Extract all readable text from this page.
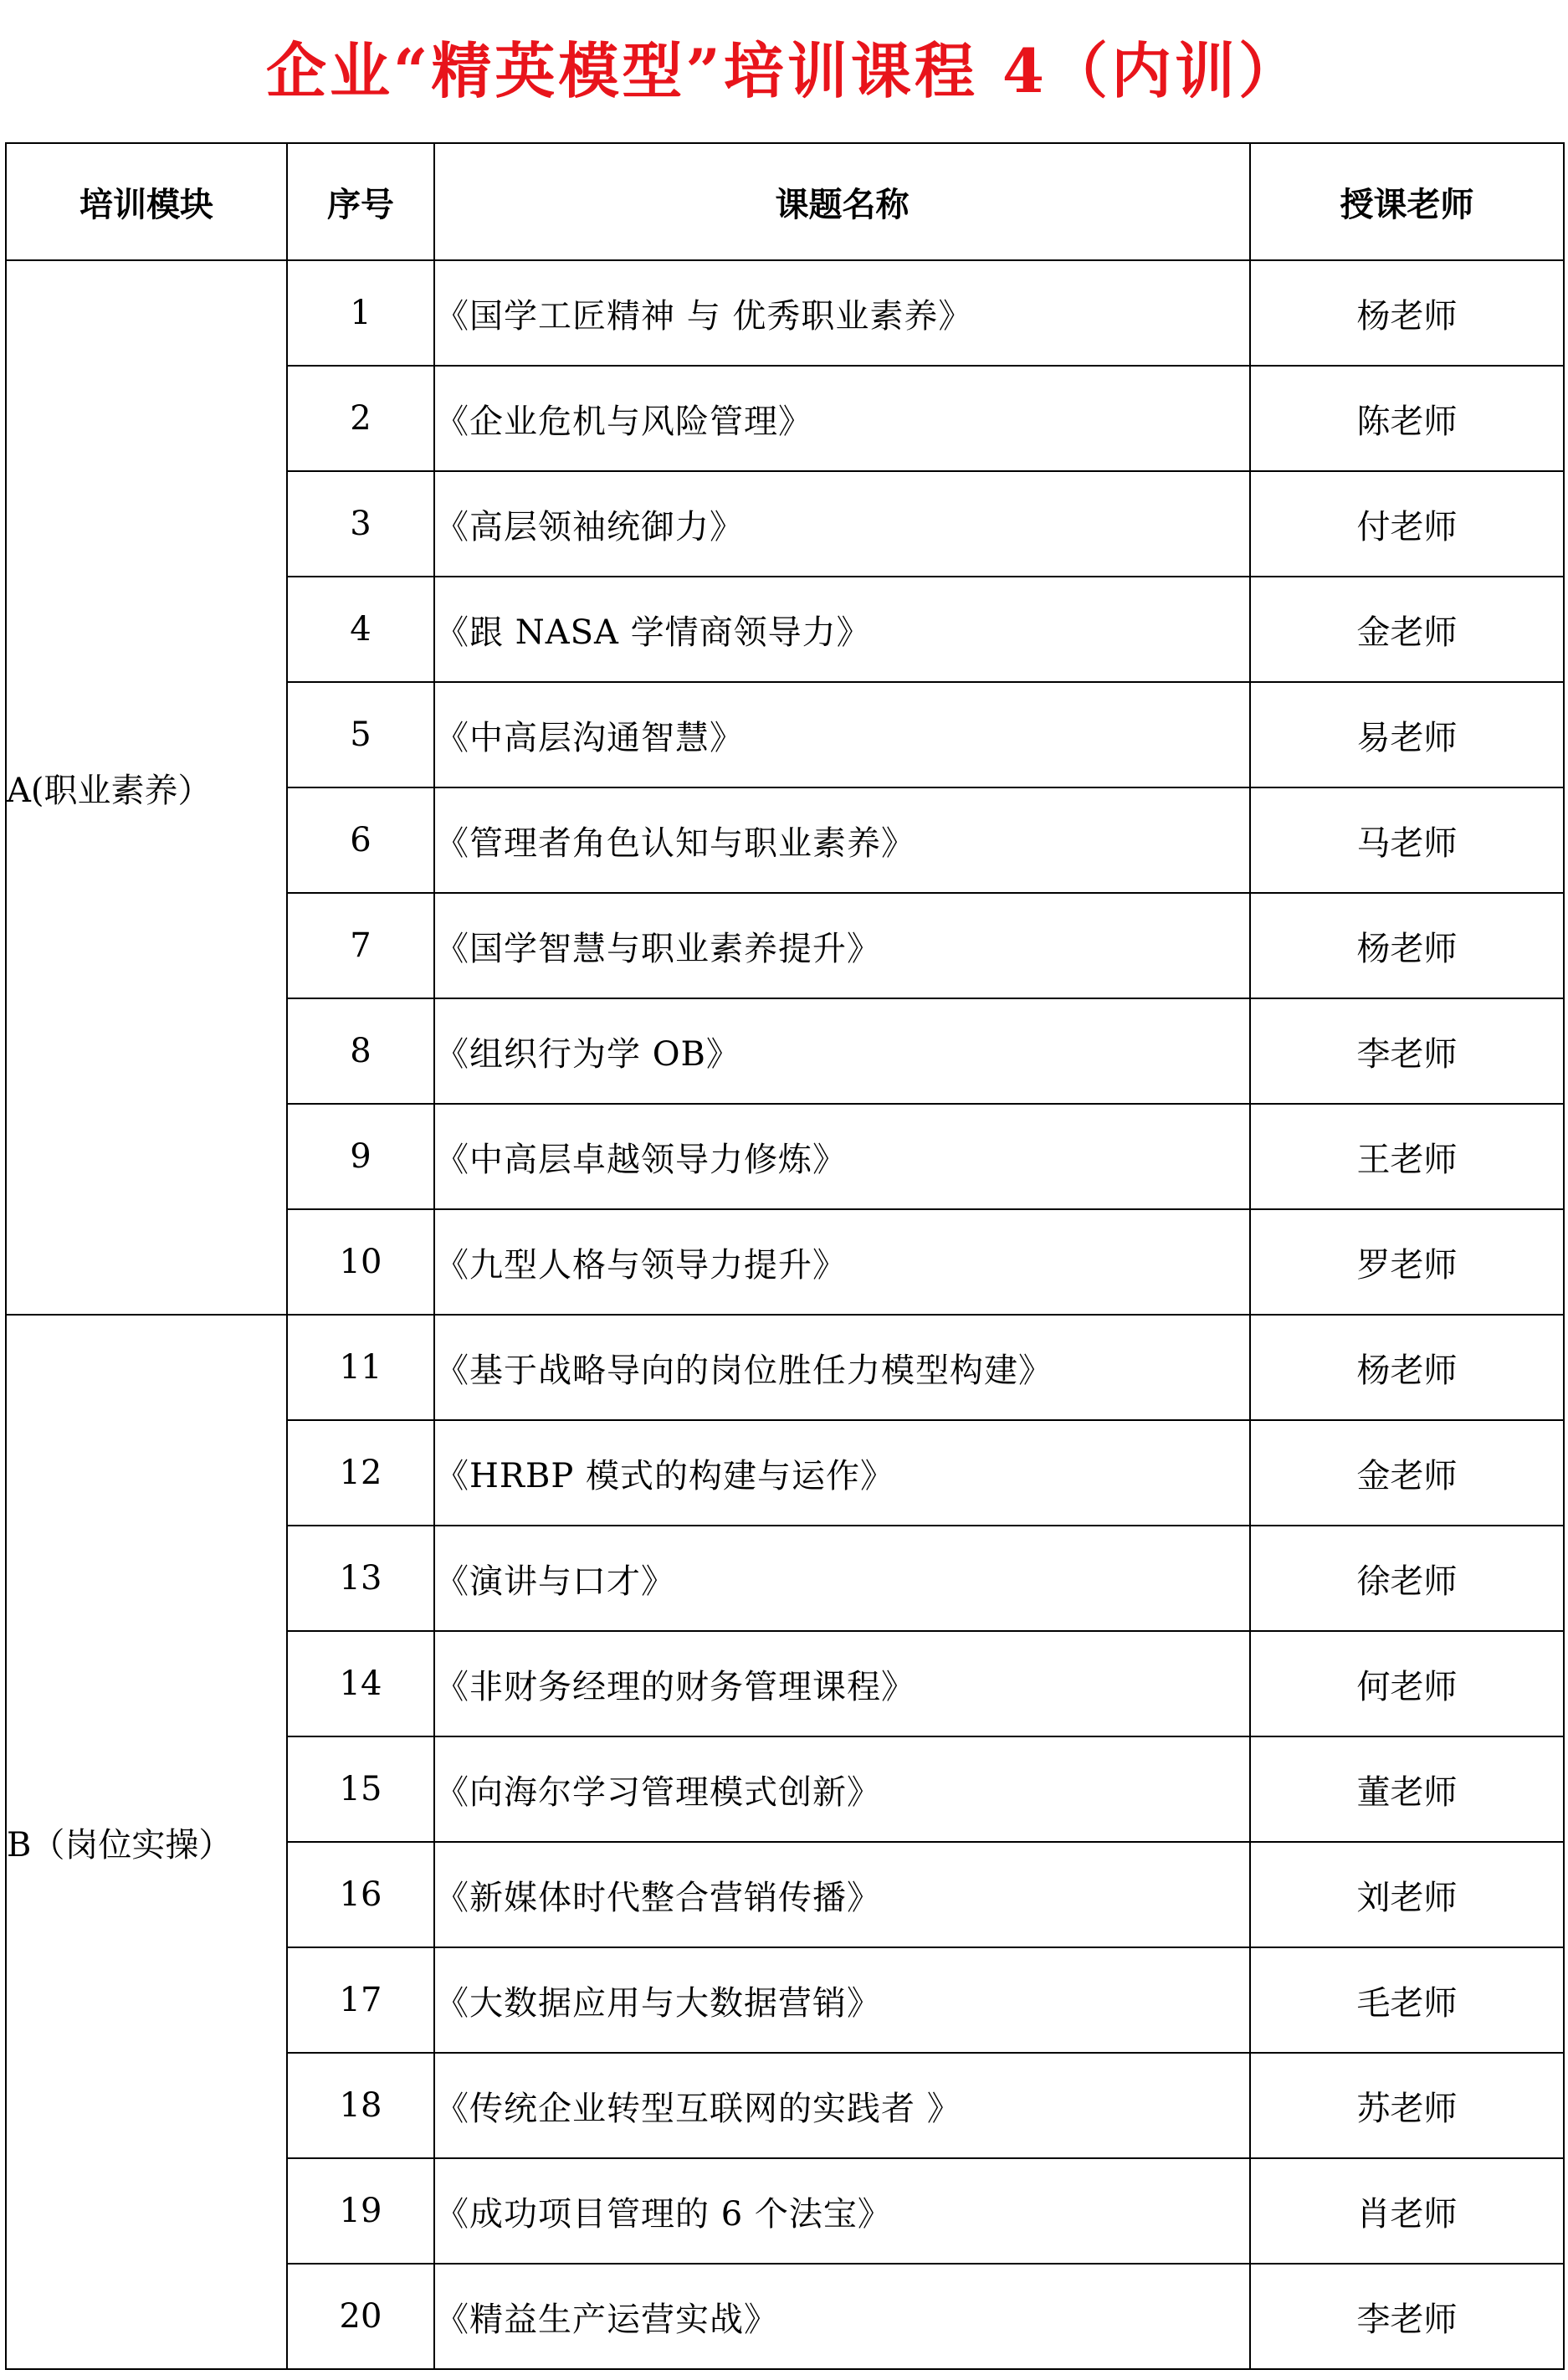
企业“精英模型”培训课程 4（内训）
培训模块	序号	课题名称	授课老师
A(职业素养）	1	《国学工匠精神 与 优秀职业素养》	杨老师
	2	《企业危机与风险管理》	陈老师
	3	《高层领袖统御力》	付老师
	4	《跟 NASA 学情商领导力》	金老师
	5	《中高层沟通智慧》	易老师
	6	《管理者角色认知与职业素养》	马老师
	7	《国学智慧与职业素养提升》	杨老师
	8	《组织行为学 OB》	李老师
	9	《中高层卓越领导力修炼》	王老师
	10	《九型人格与领导力提升》	罗老师
B（岗位实操）	11	《基于战略导向的岗位胜任力模型构建》	杨老师
	12	《HRBP 模式的构建与运作》	金老师
	13	《演讲与口才》	徐老师
	14	《非财务经理的财务管理课程》	何老师
	15	《向海尔学习管理模式创新》	董老师
	16	《新媒体时代整合营销传播》	刘老师
	17	《大数据应用与大数据营销》	毛老师
	18	《传统企业转型互联网的实践者 》	苏老师
	19	《成功项目管理的 6 个法宝》	肖老师
	20	《精益生产运营实战》	李老师
